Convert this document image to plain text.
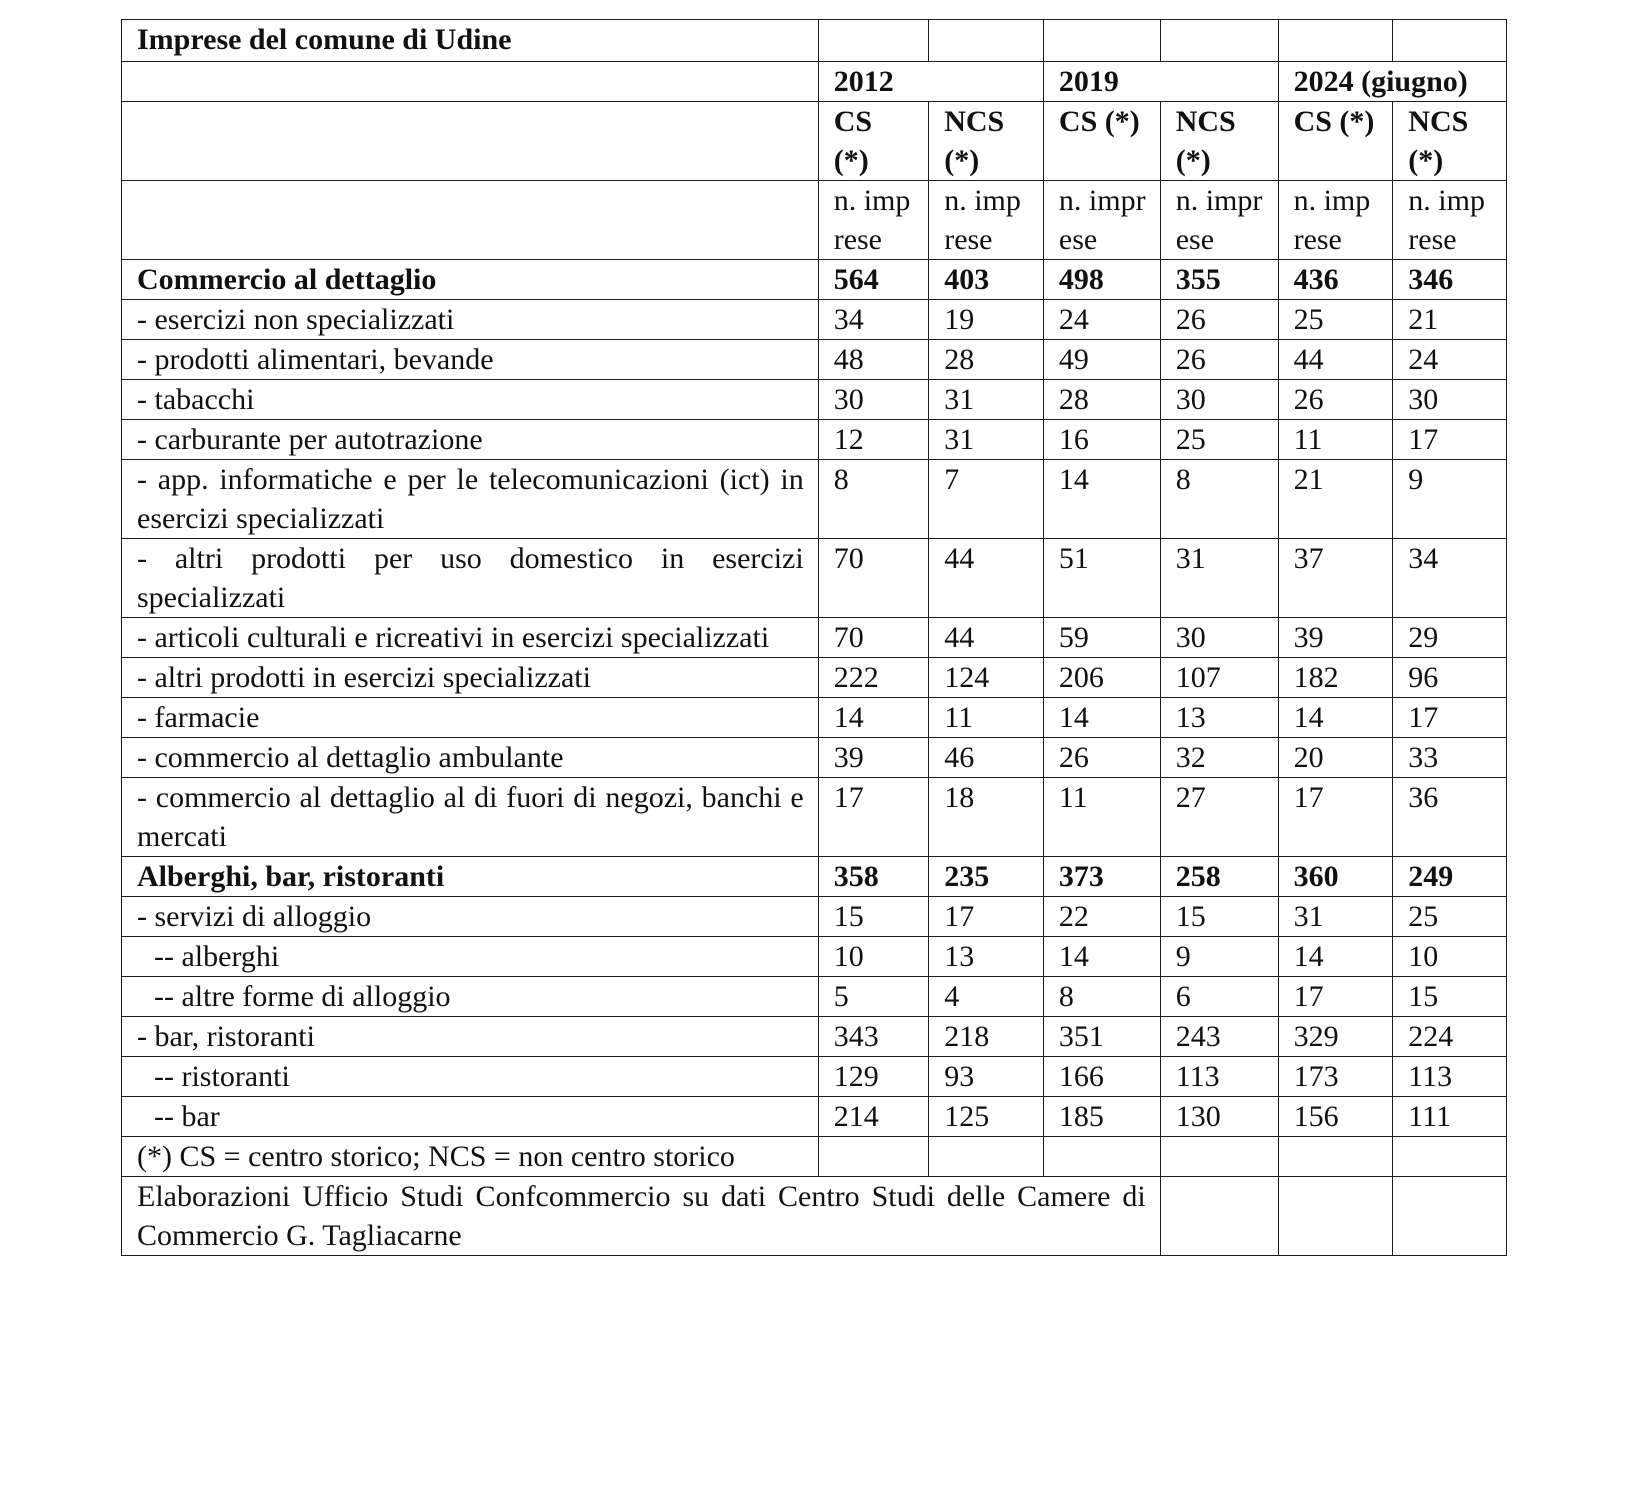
Imprese del comune di Udine						
	2012		2019		2024 (giugno)	
	CS (*)	NCS (*)	CS (*)	NCS (*)	CS (*)	NCS (*)
	n. imprese	n. imprese	n. imprese	n. imprese	n. imprese	n. imprese
Commercio al dettaglio	564	403	498	355	436	346
- esercizi non specializzati	34	19	24	26	25	21
- prodotti alimentari, bevande	48	28	49	26	44	24
- tabacchi	30	31	28	30	26	30
- carburante per autotrazione	12	31	16	25	11	17
- app. informatiche e per le telecomunicazioni (ict) in esercizi specializzati	8	7	14	8	21	9
- altri prodotti per uso domestico in esercizi specializzati	70	44	51	31	37	34
- articoli culturali e ricreativi in esercizi specializzati	70	44	59	30	39	29
- altri prodotti in esercizi specializzati	222	124	206	107	182	96
- farmacie	14	11	14	13	14	17
- commercio al dettaglio ambulante	39	46	26	32	20	33
- commercio al dettaglio al di fuori di negozi, banchi e mercati	17	18	11	27	17	36
Alberghi, bar, ristoranti	358	235	373	258	360	249
- servizi di alloggio	15	17	22	15	31	25
-- alberghi	10	13	14	9	14	10
-- altre forme di alloggio	5	4	8	6	17	15
- bar, ristoranti	343	218	351	243	329	224
-- ristoranti	129	93	166	113	173	113
-- bar	214	125	185	130	156	111
(*) CS = centro storico; NCS = non centro storico						
Elaborazioni Ufficio Studi Confcommercio su dati Centro Studi delle Camere di Commercio G. Tagliacarne						
